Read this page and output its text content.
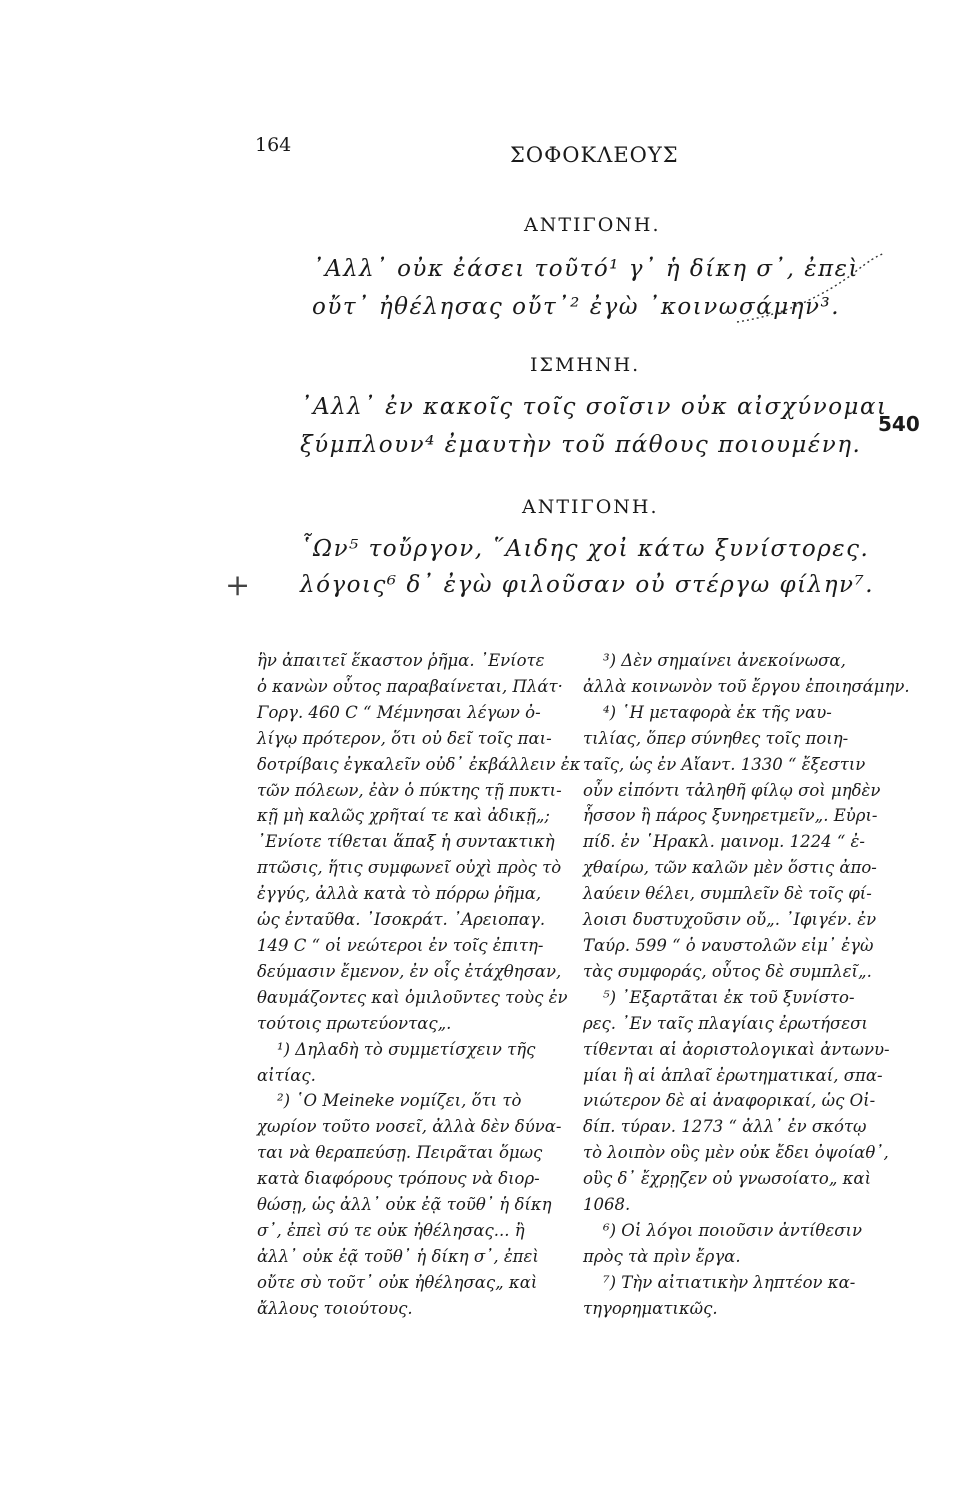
164	ΣΟΦΟΚΛΕΟΥΣ
ΑΝΤΙΓΟΝΗ.
᾽Αλλ᾽ οὐκ ἐάσει τοῦτό¹ γ᾽ ἡ δίκη σ᾽, ἐπεὶ
οὔτ᾽ ἠθέλησας οὔτ᾽² ἐγὼ ᾽κοινωσάμην³.
ΙΣΜΗΝΗ.
᾽Αλλ᾽ ἐν κακοῖς τοῖς σοῖσιν οὐκ αἰσχύνομαι
ξύμπλουν⁴ ἐμαυτὴν τοῦ πάθους ποιουμένη.
540
ΑΝΤΙΓΟΝΗ.
῟Ων⁵ τοὔργον, ῞Αιδης χοἰ κάτω ξυνίστορες.
λόγοις⁶ δ᾽ ἐγὼ φιλοῦσαν οὐ στέργω φίλην⁷.
+
ἣν ἀπαιτεῖ ἕκαστον ῥῆμα. ᾽Ενίοτε
ὁ κανὼν οὗτος παραβαίνεται, Πλάτ·
Γοργ. 460 C “ Μέμνησαι λέγων ὀ-
λίγῳ πρότερον, ὅτι οὐ δεῖ τοῖς παι-
δοτρίβαις ἐγκαλεῖν οὐδ᾽ ἐκβάλλειν ἐκ
τῶν πόλεων, ἐὰν ὁ πύκτης τῇ πυκτι-
κῇ μὴ καλῶς χρῆταί τε καὶ ἀδικῇ„;
᾽Ενίοτε τίθεται ἅπαξ ἡ συντακτικὴ
πτῶσις, ἥτις συμφωνεῖ οὐχὶ πρὸς τὸ
ἐγγύς, ἀλλὰ κατὰ τὸ πόρρω ῥῆμα,
ὡς ἐνταῦθα. ᾽Ισοκράτ. ᾽Αρειοπαγ.
149 C “ οἱ νεώτεροι ἐν τοῖς ἐπιτη-
δεύμασιν ἔμενον, ἐν οἷς ἐτάχθησαν,
θαυμάζοντες καὶ ὁμιλοῦντες τοὺς ἐν
τούτοις πρωτεύοντας„.
¹) Δηλαδὴ τὸ συμμετίσχειν τῆς
αἰτίας.
²) ῾Ο Meineke νομίζει, ὅτι τὸ
χωρίον τοῦτο νοσεῖ, ἀλλὰ δὲν δύνα-
ται νὰ θεραπεύσῃ. Πειρᾶται ὅμως
κατὰ διαφόρους τρόπους νὰ διορ-
θώσῃ, ὡς ἀλλ᾽ οὐκ ἐᾷ τοῦθ᾽ ἡ δίκη
σ᾽, ἐπεὶ σύ τε οὐκ ἠθέλησας... ἢ
ἀλλ᾽ οὐκ ἐᾷ τοῦθ᾽ ἡ δίκη σ᾽, ἐπεὶ
οὔτε σὺ τοῦτ᾽ οὐκ ἠθέλησας„ καὶ
ἄλλους τοιούτους.
³) Δὲν σημαίνει ἀνεκοίνωσα,
ἀλλὰ κοινωνὸν τοῦ ἔργου ἐποιησάμην.
⁴) ῾Η μεταφορὰ ἐκ τῆς ναυ-
τιλίας, ὅπερ σύνηθες τοῖς ποιη-
ταῖς, ὡς ἐν Αἴαντ. 1330 “ ἔξεστιν
οὖν εἰπόντι τἀληθῆ φίλῳ σοὶ μηδὲν
ἧσσον ἢ πάρος ξυνηρετμεῖν„. Εὐρι-
πίδ. ἐν ῾Ηρακλ. μαινομ. 1224 “ ἐ-
χθαίρω, τῶν καλῶν μὲν ὅστις ἀπο-
λαύειν θέλει, συμπλεῖν δὲ τοῖς φί-
λοισι δυστυχοῦσιν οὔ„. ᾽Ιφιγέν. ἐν
Ταύρ. 599 “ ὁ ναυστολῶν εἰμ᾽ ἐγὼ
τὰς συμφοράς, οὗτος δὲ συμπλεῖ„.
⁵) ᾽Εξαρτᾶται ἐκ τοῦ ξυνίστο-
ρες. ᾽Εν ταῖς πλαγίαις ἐρωτήσεσι
τίθενται αἱ ἀοριστολογικαὶ ἀντωνυ-
μίαι ἢ αἱ ἁπλαῖ ἐρωτηματικαί, σπα-
νιώτερον δὲ αἱ ἀναφορικαί, ὡς Οἰ-
δίπ. τύραν. 1273 “ ἀλλ᾽ ἐν σκότῳ
τὸ λοιπὸν οὓς μὲν οὐκ ἔδει ὀψοίαθ᾽,
οὓς δ᾽ ἔχρῃζεν οὐ γνωσοίατο„ καὶ
1068.
⁶) Οἱ λόγοι ποιοῦσιν ἀντίθεσιν
πρὸς τὰ πρὶν ἔργα.
⁷) Τὴν αἰτιατικὴν ληπτέον κα-
τηγορηματικῶς.
